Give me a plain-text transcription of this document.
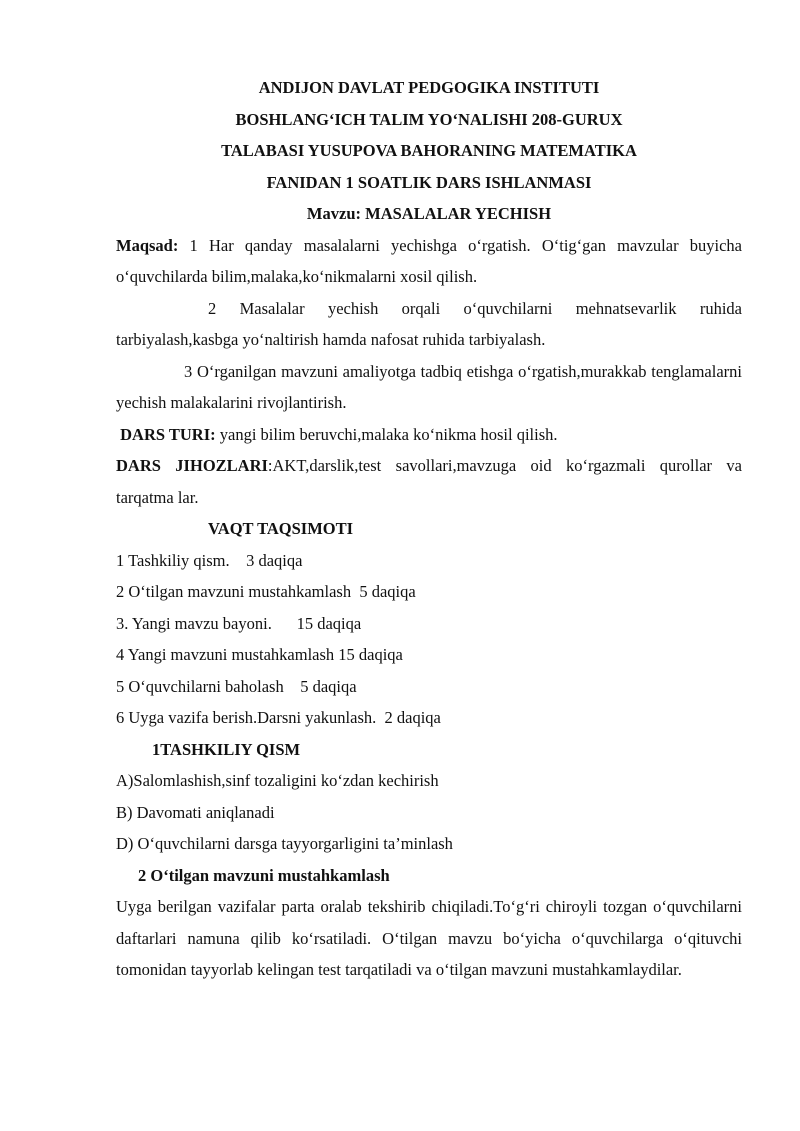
ANDIJON DAVLAT PEDGOGIKA INSTITUTI
BOSHLANG‘ICH TALIM YO‘NALISHI 208-GURUX
TALABASI YUSUPOVA BAHORANING MATEMATIKA
FANIDAN 1 SOATLIK DARS ISHLANMASI
Mavzu: MASALALAR YECHISH
Maqsad: 1 Har qanday masalalarni yechishga o‘rgatish. O‘tig‘gan mavzular buyicha o‘quvchilarda bilim,malaka,ko‘nikmalarni xosil qilish.
2 Masalalar yechish orqali o‘quvchilarni mehnatsevarlik ruhida tarbiyalash,kasbga yo‘naltirish hamda nafosat ruhida tarbiyalash.
3 O‘rganilgan mavzuni amaliyotga tadbiq etishga o‘rgatish,murakkab tenglamalarni yechish malakalarini rivojlantirish.
DARS TURI: yangi bilim beruvchi,malaka ko‘nikma hosil qilish.
DARS JIHOZLARI:AKT,darslik,test savollari,mavzuga oid ko‘rgazmali qurollar va tarqatma lar.
VAQT TAQSIMOTI
1 Tashkiliy qism.    3 daqiqa
2 O‘tilgan mavzuni mustahkamlash  5 daqiqa
3. Yangi mavzu bayoni.      15 daqiqa
4 Yangi mavzuni mustahkamlash 15 daqiqa
5 O‘quvchilarni baholash    5 daqiqa
6 Uyga vazifa berish.Darsni yakunlash.  2 daqiqa
1TASHKILIY QISM
A)Salomlashish,sinf tozaligini ko‘zdan kechirish
B) Davomati aniqlanadi
D) O‘quvchilarni darsga tayyorgarligini ta’minlash
2 O‘tilgan mavzuni mustahkamlash
Uyga berilgan vazifalar parta oralab tekshirib chiqiladi.To‘g‘ri chiroyli tozgan o‘quvchilarni daftarlari namuna qilib ko‘rsatiladi. O‘tilgan mavzu bo‘yicha o‘quvchilarga o‘qituvchi tomonidan tayyorlab kelingan test tarqatiladi va o‘tilgan mavzuni mustahkamlaydilar.
